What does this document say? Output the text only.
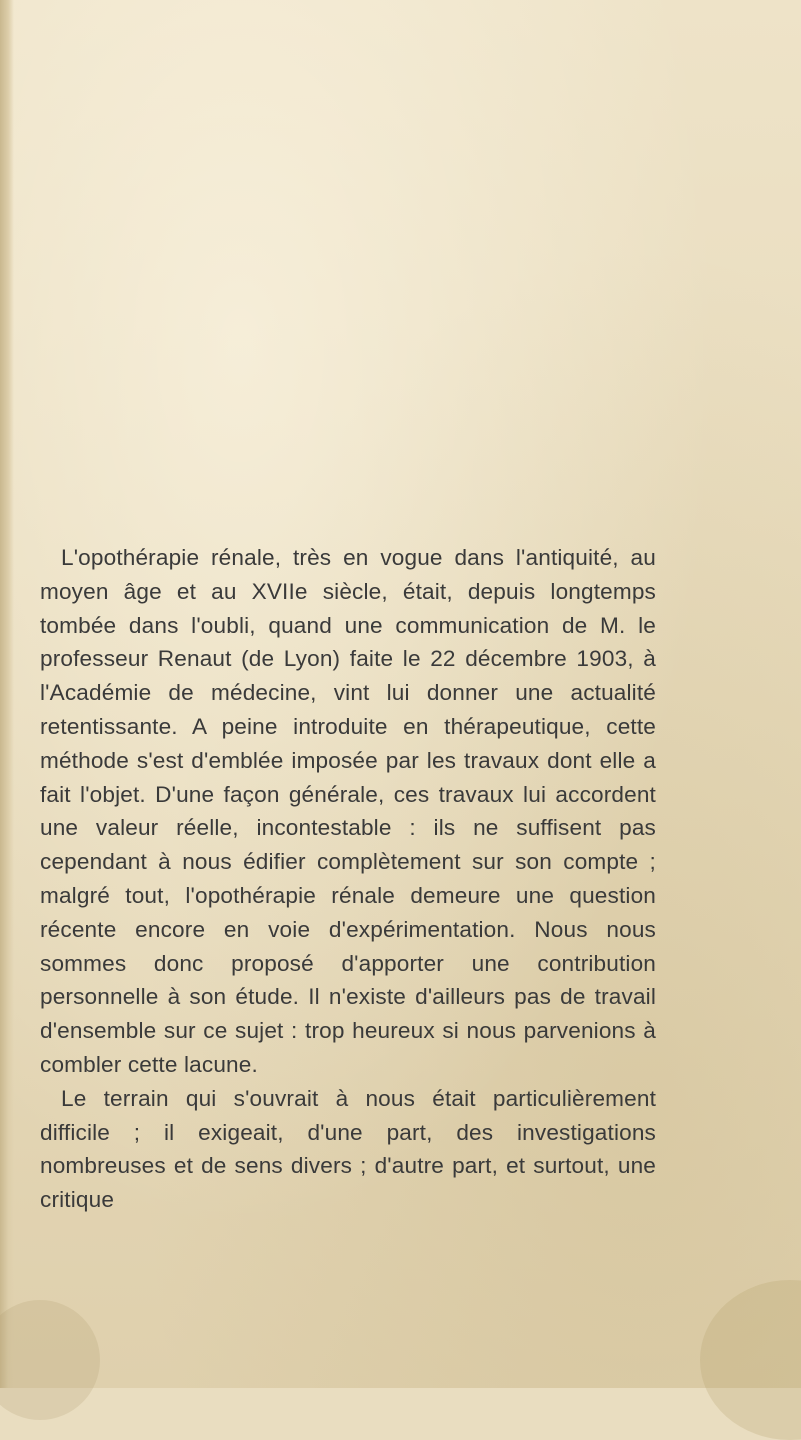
L'opothérapie rénale, très en vogue dans l'antiquité, au moyen âge et au XVIIe siècle, était, depuis longtemps tombée dans l'oubli, quand une communication de M. le professeur Renaut (de Lyon) faite le 22 décembre 1903, à l'Académie de médecine, vint lui donner une actualité retentissante. A peine introduite en thérapeutique, cette méthode s'est d'emblée imposée par les travaux dont elle a fait l'objet. D'une façon générale, ces travaux lui accordent une valeur réelle, incontestable : ils ne suffisent pas cependant à nous édifier complètement sur son compte ; malgré tout, l'opothérapie rénale demeure une question récente encore en voie d'expérimentation. Nous nous sommes donc proposé d'apporter une contribution personnelle à son étude. Il n'existe d'ailleurs pas de travail d'ensemble sur ce sujet : trop heureux si nous parvenions à combler cette lacune.

Le terrain qui s'ouvrait à nous était particulièrement difficile ; il exigeait, d'une part, des investigations nombreuses et de sens divers ; d'autre part, et surtout, une critique
